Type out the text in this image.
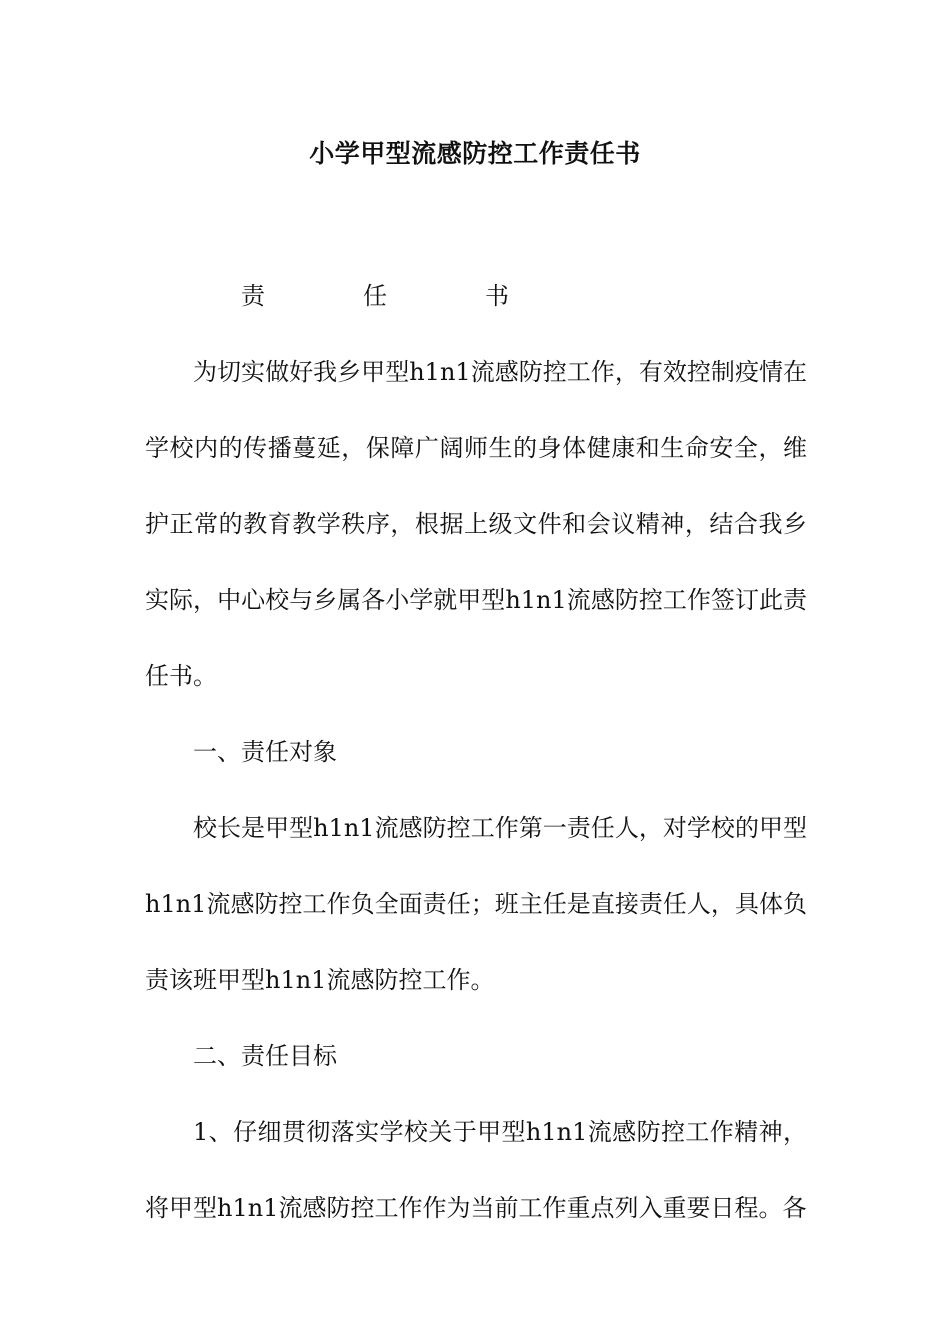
小学甲型流感防控工作责任书

责	任	书

为切实做好我乡甲型h1n1流感防控工作，有效控制疫情在学校内的传播蔓延，保障广阔师生的身体健康和生命安全，维护正常的教育教学秩序，根据上级文件和会议精神，结合我乡实际，中心校与乡属各小学就甲型h1n1流感防控工作签订此责任书。

一、责任对象

校长是甲型h1n1流感防控工作第一责任人，对学校的甲型h1n1流感防控工作负全面责任；班主任是直接责任人，具体负责该班甲型h1n1流感防控工作。

二、责任目标

1、仔细贯彻落实学校关于甲型h1n1流感防控工作精神，将甲型h1n1流感防控工作作为当前工作重点列入重要日程。各
